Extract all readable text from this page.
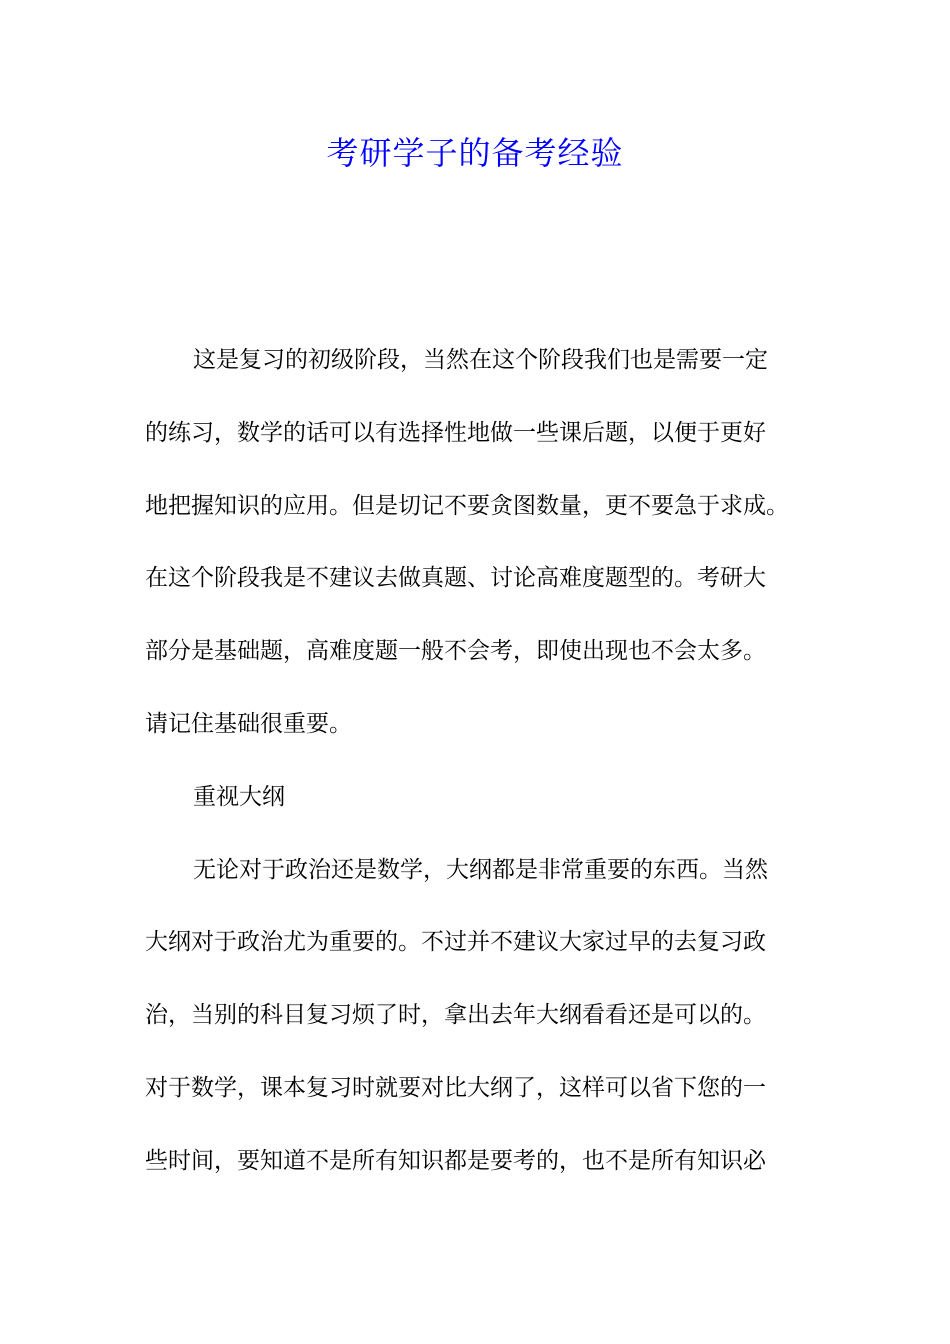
考研学子的备考经验
这是复习的初级阶段，当然在这个阶段我们也是需要一定
的练习，数学的话可以有选择性地做一些课后题，以便于更好
地把握知识的应用。但是切记不要贪图数量，更不要急于求成。
在这个阶段我是不建议去做真题、讨论高难度题型的。考研大
部分是基础题，高难度题一般不会考，即使出现也不会太多。
请记住基础很重要。
重视大纲
无论对于政治还是数学，大纲都是非常重要的东西。当然
大纲对于政治尤为重要的。不过并不建议大家过早的去复习政
治，当别的科目复习烦了时，拿出去年大纲看看还是可以的。
对于数学，课本复习时就要对比大纲了，这样可以省下您的一
些时间，要知道不是所有知识都是要考的，也不是所有知识必
